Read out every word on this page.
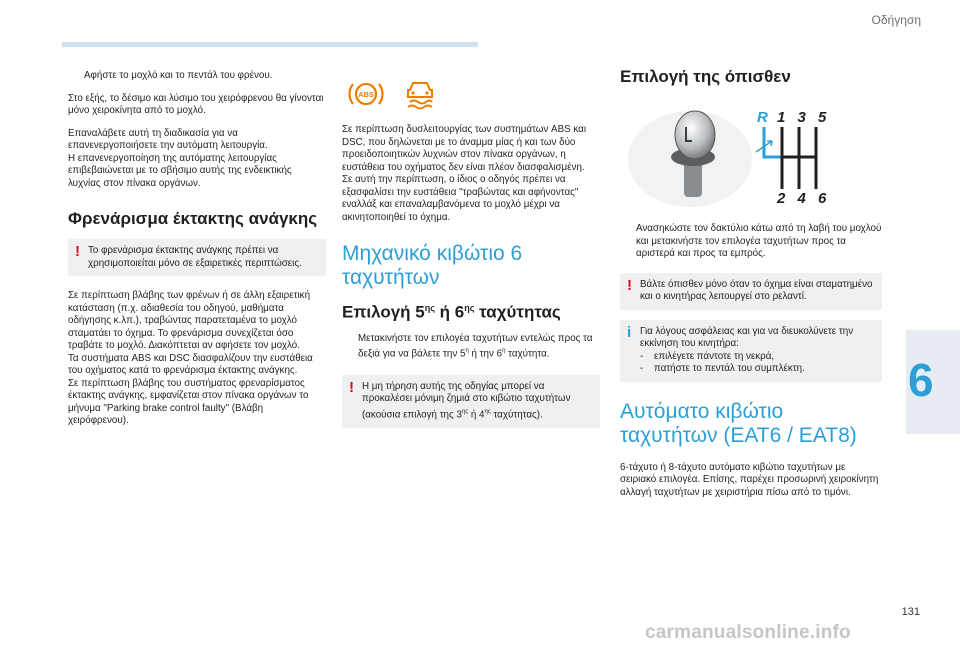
Οδήγηση
6
131
carmanualsonline.info

Αφήστε το μοχλό και το πεντάλ του φρένου.

Στο εξής, το δέσιμο και λύσιμο του χειρόφρενου θα γίνονται μόνο χειροκίνητα από το μοχλό.

Επαναλάβετε αυτή τη διαδικασία για να επανενεργοποιήσετε την αυτόματη λειτουργία.
Η επανενεργοποίηση της αυτόματης λειτουργίας επιβεβαιώνεται με το σβήσιμο αυτής της ενδεικτικής λυχνίας στον πίνακα οργάνων.

Φρενάρισμα έκτακτης ανάγκης
! Το φρενάρισμα έκτακτης ανάγκης πρέπει να χρησιμοποιείται μόνο σε εξαιρετικές περιπτώσεις.

Σε περίπτωση βλάβης των φρένων ή σε άλλη εξαιρετική κατάσταση (π.χ. αδιαθεσία του οδηγού, μαθήματα οδήγησης κ.λπ.), τραβώντας παρατεταμένα το μοχλό σταματάει το όχημα. Το φρενάρισμα συνεχίζεται όσο τραβάτε το μοχλό. Διακόπτεται αν αφήσετε τον μοχλό.
Τα συστήματα ABS και DSC διασφαλίζουν την ευστάθεια του οχήματος κατά το φρενάρισμα έκτακτης ανάγκης.
Σε περίπτωση βλάβης του συστήματος φρεναρίσματος έκτακτης ανάγκης, εμφανίζεται στον πίνακα οργάνων το μήνυμα "Parking brake control faulty" (Βλάβη χειρόφρενου).

ABS

Σε περίπτωση δυσλειτουργίας των συστημάτων ABS και DSC, που δηλώνεται με το άναμμα μίας ή και των δύο προειδοποιητικών λυχνιών στον πίνακα οργάνων, η ευστάθεια του οχήματος δεν είναι πλέον διασφαλισμένη.
Σε αυτή την περίπτωση, ο ίδιος ο οδηγός πρέπει να εξασφαλίσει την ευστάθεια "τραβώντας και αφήνοντας" εναλλάξ και επαναλαμβανόμενα το μοχλό μέχρι να ακινητοποιηθεί το όχημα.

Μηχανικό κιβώτιο 6 ταχυτήτων
Επιλογή $5^{\eta\varsigma}$ ή $6^{\eta\varsigma}$ ταχύτητας

Μετακινήστε τον επιλογέα ταχυτήτων εντελώς προς τα δεξιά για να βάλετε την $5^\eta$ ή την $6^\eta$ ταχύτητα.

! Η μη τήρηση αυτής της οδηγίας μπορεί να προκαλέσει μόνιμη ζημιά στο κιβώτιο ταχυτήτων (ακούσια επιλογή της $3^{\eta\varsigma}$ ή $4^{\eta\varsigma}$ ταχύτητας).
Επιλογή της όπισθεν
R 1 3 5
2 4 6

Ανασηκώστε τον δακτύλιο κάτω από τη λαβή του μοχλού και μετακινήστε τον επιλογέα ταχυτήτων προς τα αριστερά και προς τα εμπρός.

! Βάλτε όπισθεν μόνο όταν το όχημα είναι σταματημένο και ο κινητήρας λειτουργεί στο ρελαντί.
i Για λόγους ασφάλειας και για να διευκολύνετε την εκκίνηση του κινητήρα:
- επιλέγετε πάντοτε τη νεκρά,
- πατήστε το πεντάλ του συμπλέκτη.
Αυτόματο κιβώτιο ταχυτήτων (EAT6 / EAT8)

6-τάχυτο ή 8-τάχυτο αυτόματο κιβώτιο ταχυτήτων με σειριακό επιλογέα. Επίσης, παρέχει προσωρινή χειροκίνητη αλλαγή ταχυτήτων με χειριστήρια πίσω από το τιμόνι.
